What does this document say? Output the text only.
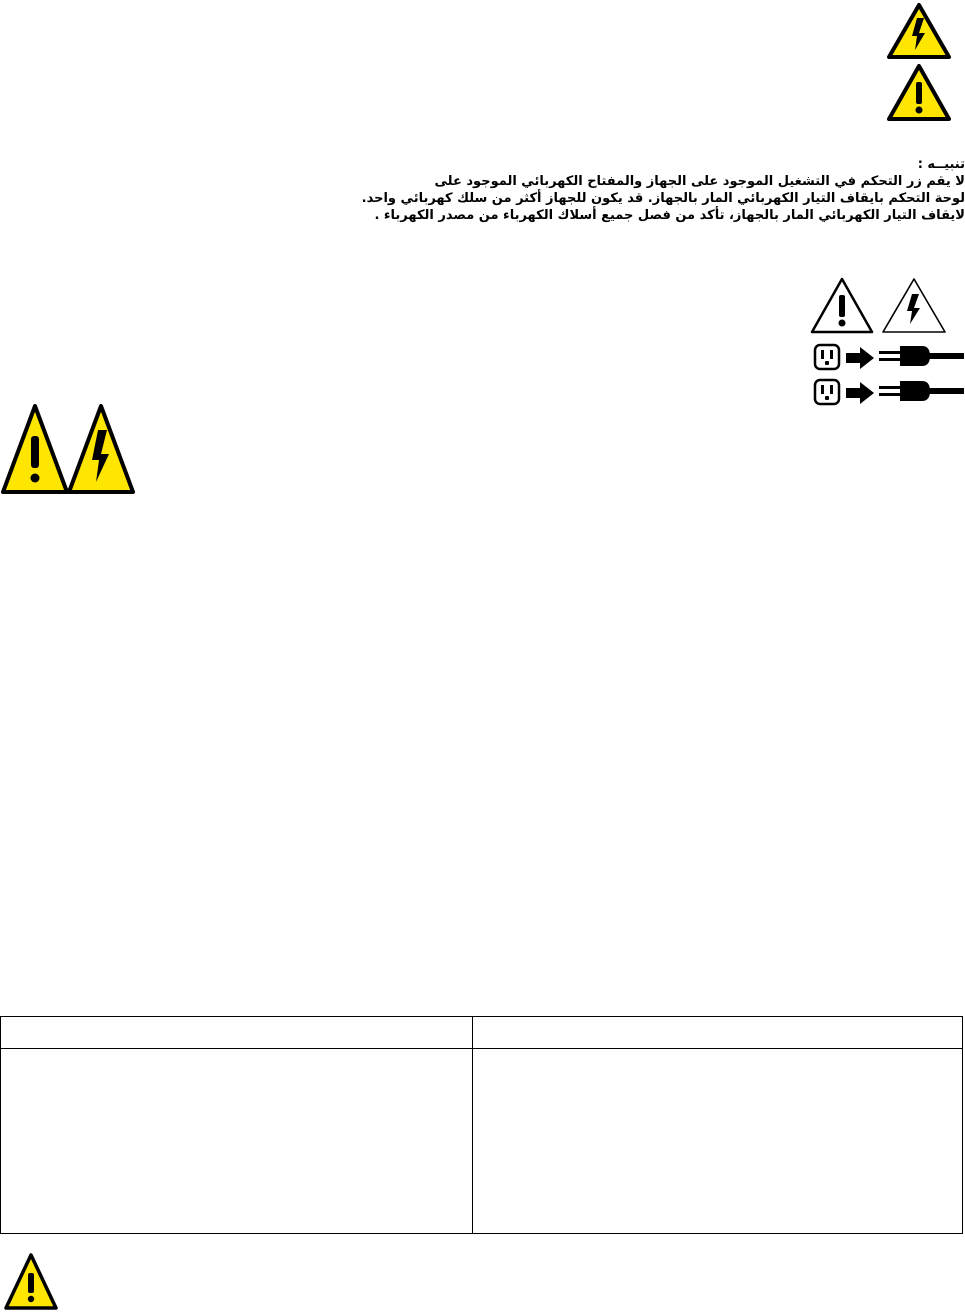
تنبيــه :
لا يقم زر التحكم في التشغيل الموجود على الجهاز والمفتاح الكهربائي الموجود على
لوحة التحكم بايقاف التيار الكهربائي المار بالجهاز. قد يكون للجهاز أكثر من سلك كهربائي واحد.
لايقاف التيار الكهربائي المار بالجهاز، تأكد من فصل جميع أسلاك الكهرباء من مصدر الكهرباء .
